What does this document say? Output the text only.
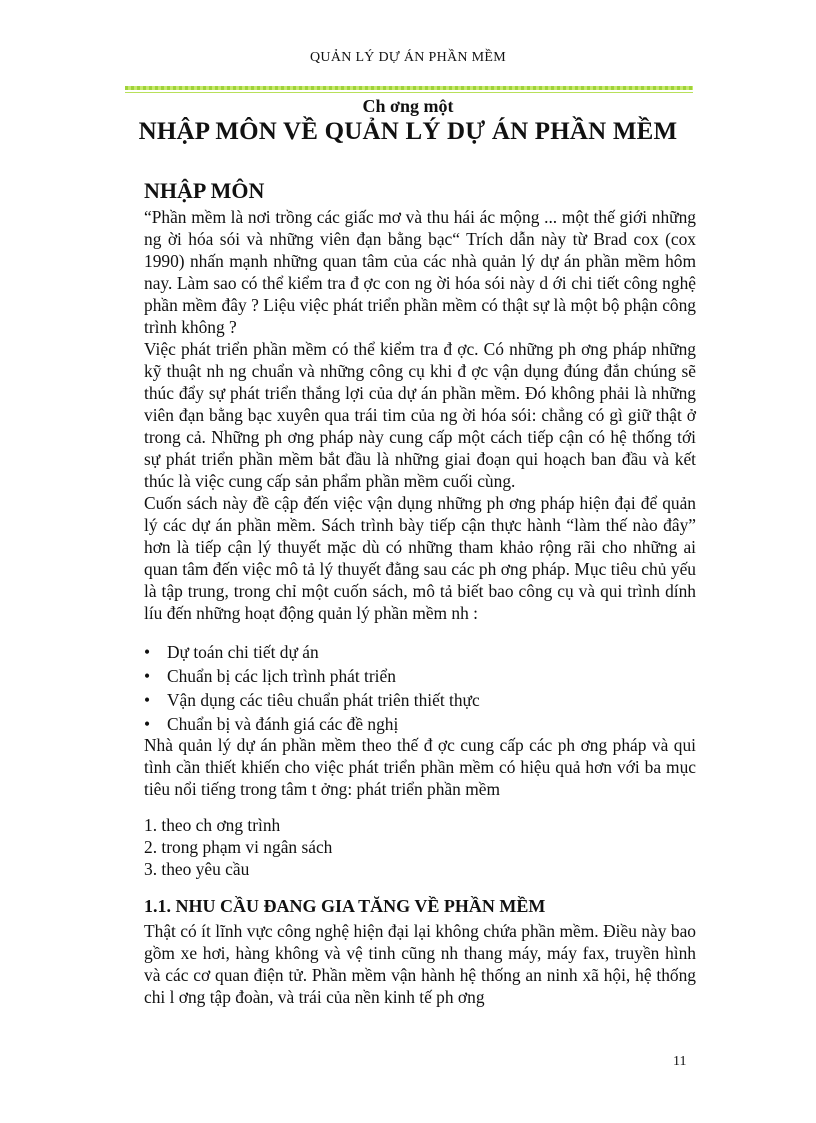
QUẢN LÝ DỰ ÁN PHẦN MỀM
Ch ơng một
NHẬP MÔN VỀ QUẢN LÝ DỰ ÁN PHẦN MỀM
NHẬP MÔN

“Phần mềm là nơi trồng các giấc mơ và thu hái ác mộng ... một thế giới những ng ời hóa sói và những viên đạn bằng bạc“ Trích dẫn này từ Brad cox (cox 1990) nhấn mạnh những quan tâm của các nhà quản lý dự án phần mềm hôm nay. Làm sao có thể kiểm tra đ ợc con ng ời hóa sói này d ới chi tiết công nghệ phần mềm đây ? Liệu việc phát triển phần mềm có thật sự là một bộ phận công trình không ?

Việc phát triển phần mềm có thể kiểm tra đ ợc. Có những ph ơng pháp những kỹ thuật nh ng chuẩn và những công cụ khi đ ợc vận dụng đúng đắn chúng sẽ thúc đẩy sự phát triển thắng lợi của dự án phần mềm. Đó không phải là những viên đạn bằng bạc xuyên qua trái tim của ng ời hóa sói: chẳng có gì giữ thật ở trong cả. Những ph ơng pháp này cung cấp một cách tiếp cận có hệ thống tới sự phát triển phần mềm bắt đầu là những giai đoạn qui hoạch ban đầu và kết thúc là việc cung cấp sản phẩm phần mềm cuối cùng.

Cuốn sách này đề cập đến việc vận dụng những ph ơng pháp hiện đại để quản lý các dự án phần mềm. Sách trình bày tiếp cận thực hành “làm thế nào đây” hơn là tiếp cận lý thuyết mặc dù có những tham khảo rộng rãi cho những ai quan tâm đến việc mô tả lý thuyết đằng sau các ph ơng pháp. Mục tiêu chủ yếu là tập trung, trong chỉ một cuốn sách, mô tả biết bao công cụ và qui trình dính líu đến những hoạt động quản lý phần mềm nh :

• Dự toán chi tiết dự án
• Chuẩn bị các lịch trình phát triển
• Vận dụng các tiêu chuẩn phát triên thiết thực
• Chuẩn bị và đánh giá các đề nghị

Nhà quản lý dự án phần mềm theo thế đ ợc cung cấp các ph ơng pháp và qui tình cần thiết khiến cho việc phát triển phần mềm có hiệu quả hơn với ba mục tiêu nổi tiếng trong tâm t ởng: phát triển phần mềm

1. theo ch ơng trình
2. trong phạm vi ngân sách
3. theo yêu cầu
1.1. NHU CẦU ĐANG GIA TĂNG VỀ PHẦN MỀM

Thật có ít lĩnh vực công nghệ hiện đại lại không chứa phần mềm. Điều này bao gồm xe hơi, hàng không và vệ tinh cũng nh thang máy, máy fax, truyền hình và các cơ quan điện tử. Phần mềm vận hành hệ thống an ninh xã hội, hệ thống chi l ơng tập đoàn, và trái của nền kinh tế ph ơng

11
